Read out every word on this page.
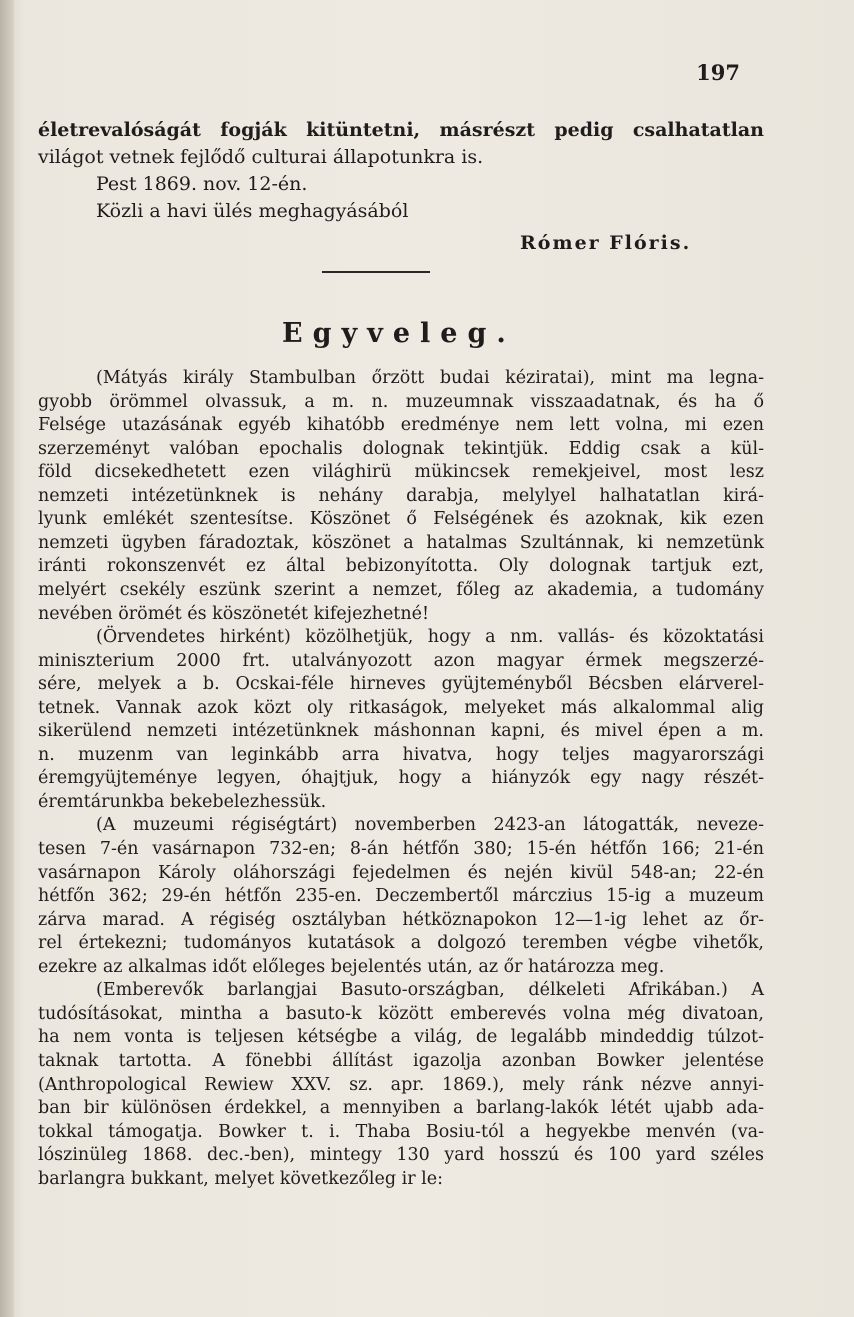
197
életrevalóságát fogják kitüntetni, másrészt pedig csalhatatlan
világot vetnek fejlődő culturai állapotunkra is.
Pest 1869. nov. 12-én.
Közli a havi ülés meghagyásából
Rómer Flóris.
Egyveleg.
(Mátyás király Stambulban őrzött budai kéziratai), mint ma legna-
gyobb örömmel olvassuk, a m. n. muzeumnak visszaadatnak, és ha ő
Felsége utazásának egyéb kihatóbb eredménye nem lett volna, mi ezen
szerzeményt valóban epochalis dolognak tekintjük. Eddig csak a kül-
föld dicsekedhetett ezen világhirü mükincsek remekjeivel, most lesz
nemzeti intézetünknek is nehány darabja, melylyel halhatatlan kirá-
lyunk emlékét szentesítse. Köszönet ő Felségének és azoknak, kik ezen
nemzeti ügyben fáradoztak, köszönet a hatalmas Szultánnak, ki nemzetünk
iránti rokonszenvét ez által bebizonyította. Oly dolognak tartjuk ezt,
melyért csekély eszünk szerint a nemzet, főleg az akademia, a tudomány
nevében örömét és köszönetét kifejezhetné!
(Örvendetes hirként) közölhetjük, hogy a nm. vallás- és közoktatási
miniszterium 2000 frt. utalványozott azon magyar érmek megszerzé-
sére, melyek a b. Ocskai-féle hirneves gyüjteményből Bécsben elárverel-
tetnek. Vannak azok közt oly ritkaságok, melyeket más alkalommal alig
sikerülend nemzeti intézetünknek máshonnan kapni, és mivel épen a m.
n. muzenm van leginkább arra hivatva, hogy teljes magyarországi
éremgyüjteménye legyen, óhajtjuk, hogy a hiányzók egy nagy részét-
éremtárunkba bekebelezhessük.
(A muzeumi régiségtárt) novemberben 2423-an látogatták, neveze-
tesen 7-én vasárnapon 732-en; 8-án hétfőn 380; 15-én hétfőn 166; 21-én
vasárnapon Károly oláhországi fejedelmen és nején kivül 548-an; 22-én
hétfőn 362; 29-én hétfőn 235-en. Deczembertől márczius 15-ig a muzeum
zárva marad. A régiség osztályban hétköznapokon 12—1-ig lehet az őr-
rel értekezni; tudományos kutatások a dolgozó teremben végbe vihetők,
ezekre az alkalmas időt előleges bejelentés után, az őr határozza meg.
(Emberevők barlangjai Basuto-országban, délkeleti Afrikában.) A
tudósításokat, mintha a basuto-k között emberevés volna még divatoan,
ha nem vonta is teljesen kétségbe a világ, de legalább mindeddig túlzot-
taknak tartotta. A fönebbi állítást igazolja azonban Bowker jelentése
(Anthropological Rewiew XXV. sz. apr. 1869.), mely ránk nézve annyi-
ban bir különösen érdekkel, a mennyiben a barlang-lakók létét ujabb ada-
tokkal támogatja. Bowker t. i. Thaba Bosiu-tól a hegyekbe menvén (va-
lószinüleg 1868. dec.-ben), mintegy 130 yard hosszú és 100 yard széles
barlangra bukkant, melyet következőleg ir le:
